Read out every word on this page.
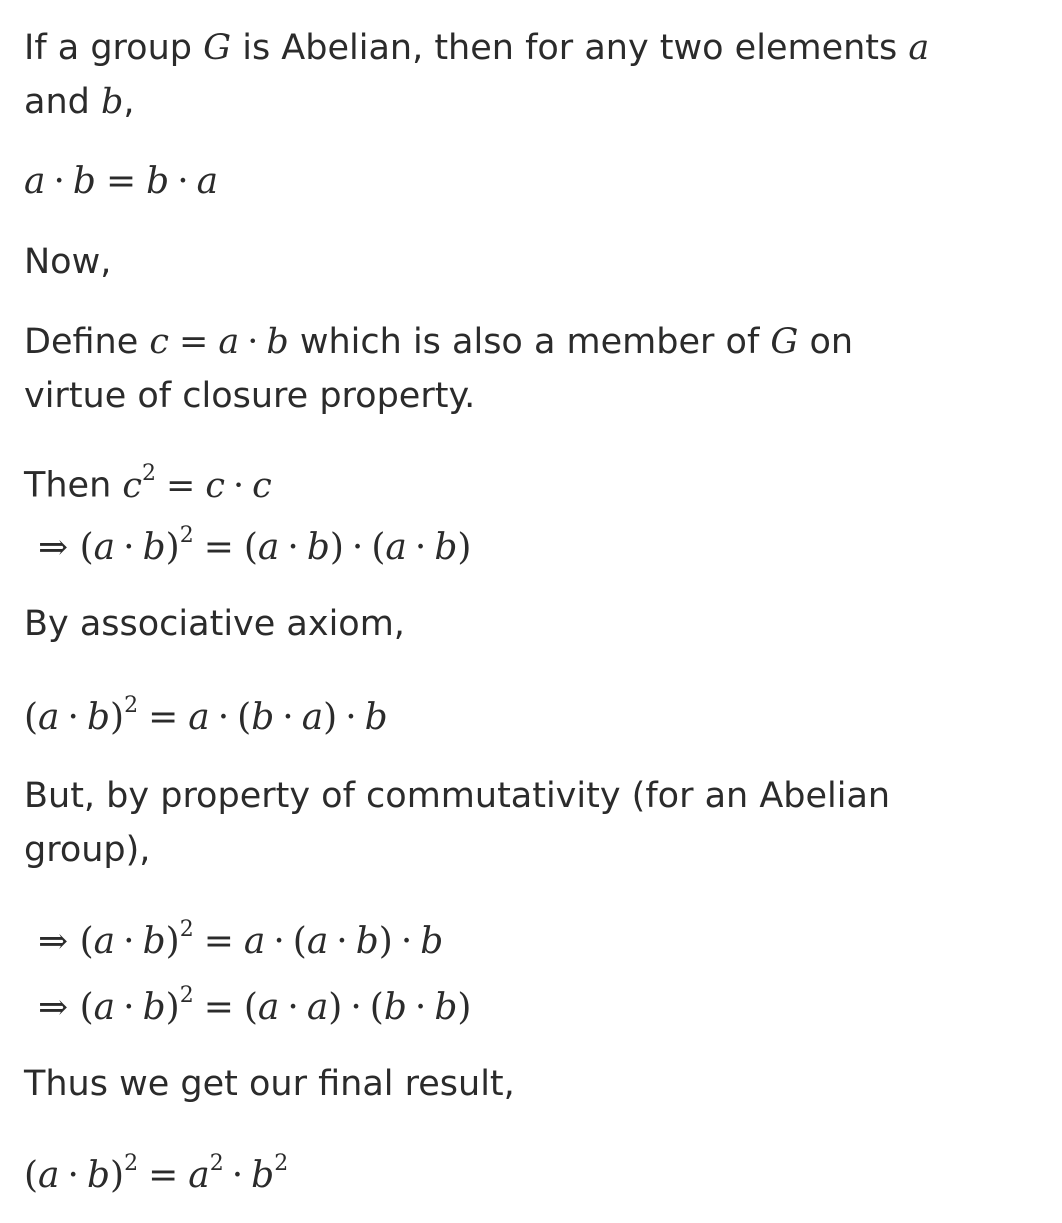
If a group G is Abelian, then for any two elements a
and b,
a · b = b · a
Now,
Define c = a · b which is also a member of G on
virtue of closure property.
Then $c^2 = c \cdot c$
⇒ $(a \cdot b)^2 = (a \cdot b) \cdot (a \cdot b)$
By associative axiom,
$(a \cdot b)^2 = a \cdot (b \cdot a) \cdot b$
But, by property of commutativity (for an Abelian
group),
⇒ $(a \cdot b)^2 = a \cdot (a \cdot b) \cdot b$
⇒ $(a \cdot b)^2 = (a \cdot a) \cdot (b \cdot b)$
Thus we get our final result,
$(a \cdot b)^2 = a^2 \cdot b^2$
